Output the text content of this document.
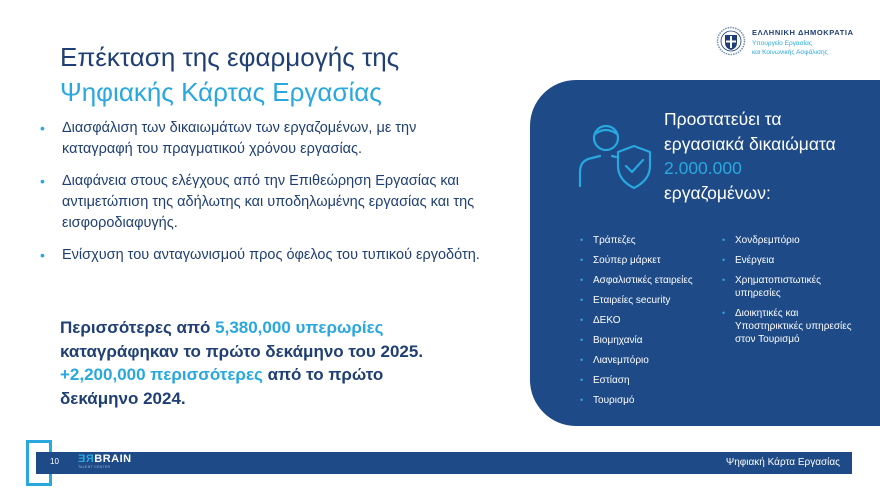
Επέκταση της εφαρμογής της
Ψηφιακής Κάρτας Εργασίας
ΕΛΛΗΝΙΚΗ ΔΗΜΟΚΡΑΤΙΑ
Υπουργείο Εργασίας
και Κοινωνικής Ασφάλισης
• Διασφάλιση των δικαιωμάτων των εργαζομένων, με την καταγραφή του πραγματικού χρόνου εργασίας.
• Διαφάνεια στους ελέγχους από την Επιθεώρηση Εργασίας και αντιμετώπιση της αδήλωτης και υποδηλωμένης εργασίας και της εισφοροδιαφυγής.
• Ενίσχυση του ανταγωνισμού προς όφελος του τυπικού εργοδότη.

Περισσότερες από 5,380,000 υπερωρίες καταγράφηκαν το πρώτο δεκάμηνο του 2025. +2,200,000 περισσότερες από το πρώτο δεκάμηνο 2024.

Προστατεύει τα εργασιακά δικαιώματα
2.000.000
εργαζομένων:
• Τράπεζες
• Σούπερ μάρκετ
• Ασφαλιστικές εταιρείες
• Εταιρείες security
• ΔΕΚΟ
• Βιομηχανία
• Λιανεμπόριο
• Εστίαση
• Τουρισμό
• Χονδρεμπόριο
• Ενέργεια
• Χρηματοπιστωτικές υπηρεσίες
• Διοικητικές και Υποστηρικτικές υπηρεσίες στον Τουρισμό
10 ƎЯBRAIN
TALENT CENTER	Ψηφιακή Κάρτα Εργασίας
